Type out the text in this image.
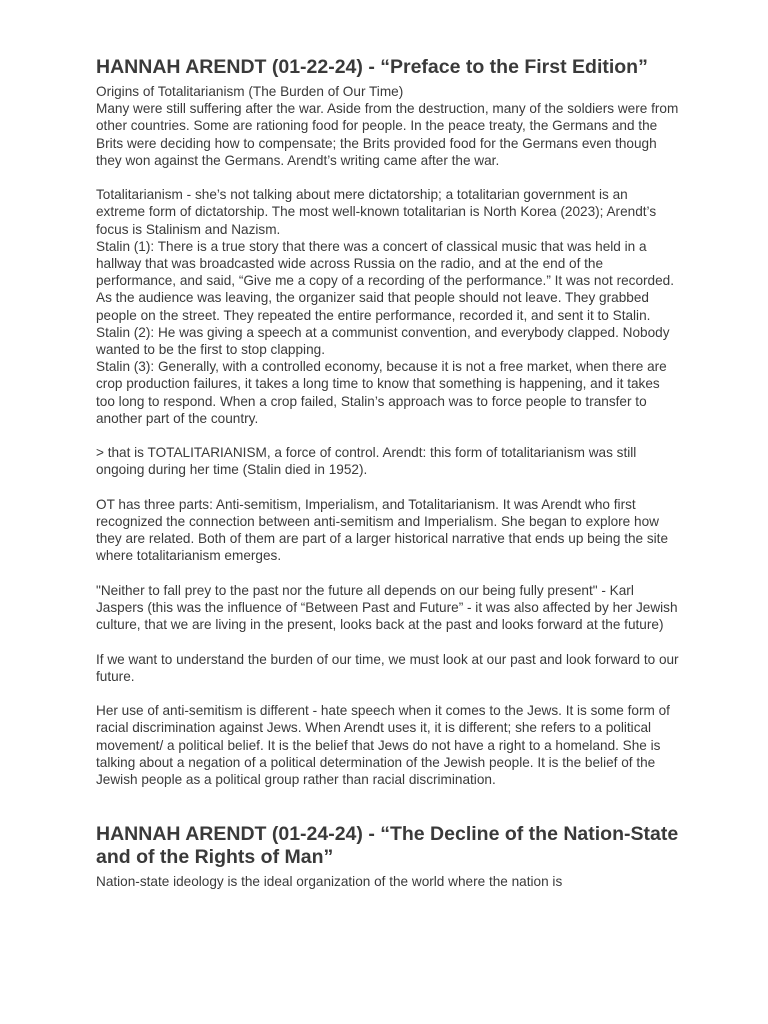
HANNAH ARENDT (01-22-24) - “Preface to the First Edition”

Origins of Totalitarianism (The Burden of Our Time)
Many were still suffering after the war. Aside from the destruction, many of the soldiers were from other countries. Some are rationing food for people. In the peace treaty, the Germans and the Brits were deciding how to compensate; the Brits provided food for the Germans even though they won against the Germans. Arendt’s writing came after the war.

Totalitarianism - she’s not talking about mere dictatorship; a totalitarian government is an extreme form of dictatorship. The most well-known totalitarian is North Korea (2023); Arendt’s focus is Stalinism and Nazism.
Stalin (1): There is a true story that there was a concert of classical music that was held in a hallway that was broadcasted wide across Russia on the radio, and at the end of the performance, and said, “Give me a copy of a recording of the performance.” It was not recorded. As the audience was leaving, the organizer said that people should not leave. They grabbed people on the street. They repeated the entire performance, recorded it, and sent it to Stalin.
Stalin (2): He was giving a speech at a communist convention, and everybody clapped. Nobody wanted to be the first to stop clapping.
Stalin (3): Generally, with a controlled economy, because it is not a free market, when there are crop production failures, it takes a long time to know that something is happening, and it takes too long to respond. When a crop failed, Stalin’s approach was to force people to transfer to another part of the country.

> that is TOTALITARIANISM, a force of control. Arendt: this form of totalitarianism was still ongoing during her time (Stalin died in 1952).

OT has three parts: Anti-semitism, Imperialism, and Totalitarianism. It was Arendt who first recognized the connection between anti-semitism and Imperialism. She began to explore how they are related. Both of them are part of a larger historical narrative that ends up being the site where totalitarianism emerges.

"Neither to fall prey to the past nor the future all depends on our being fully present" - Karl Jaspers (this was the influence of “Between Past and Future” - it was also affected by her Jewish culture, that we are living in the present, looks back at the past and looks forward at the future)

If we want to understand the burden of our time, we must look at our past and look forward to our future.

Her use of anti-semitism is different - hate speech when it comes to the Jews. It is some form of racial discrimination against Jews. When Arendt uses it, it is different; she refers to a political movement/ a political belief. It is the belief that Jews do not have a right to a homeland. She is talking about a negation of a political determination of the Jewish people. It is the belief of the Jewish people as a political group rather than racial discrimination.

HANNAH ARENDT (01-24-24) - “The Decline of the Nation-State and of the Rights of Man”

Nation-state ideology is the ideal organization of the world where the nation is
